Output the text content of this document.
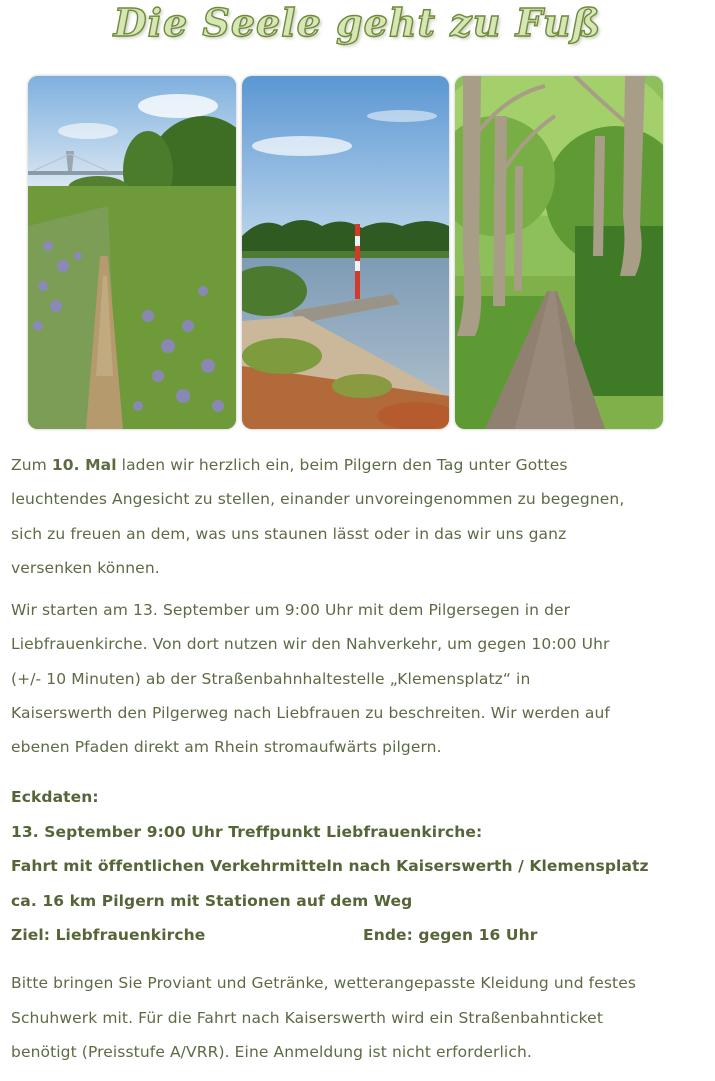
Die Seele geht zu Fuß
Zum 10. Mal laden wir herzlich ein, beim Pilgern den Tag unter Gottes
leuchtendes Angesicht zu stellen, einander unvoreingenommen zu begegnen,
sich zu freuen an dem, was uns staunen lässt oder in das wir uns ganz
versenken können.
Wir starten am 13. September um 9:00 Uhr mit dem Pilgersegen in der
Liebfrauenkirche. Von dort nutzen wir den Nahverkehr, um gegen 10:00 Uhr
(+/- 10 Minuten) ab der Straßenbahnhaltestelle „Klemensplatz“ in
Kaiserswerth den Pilgerweg nach Liebfrauen zu beschreiten. Wir werden auf
ebenen Pfaden direkt am Rhein stromaufwärts pilgern.
Eckdaten:
13. September 9:00 Uhr Treffpunkt Liebfrauenkirche:
Fahrt mit öffentlichen Verkehrmitteln nach Kaiserswerth / Klemensplatz
ca. 16 km Pilgern mit Stationen auf dem Weg
Ziel: Liebfrauenkirche	Ende: gegen 16 Uhr
Bitte bringen Sie Proviant und Getränke, wetterangepasste Kleidung und festes
Schuhwerk mit. Für die Fahrt nach Kaiserswerth wird ein Straßenbahnticket
benötigt (Preisstufe A/VRR). Eine Anmeldung ist nicht erforderlich.
